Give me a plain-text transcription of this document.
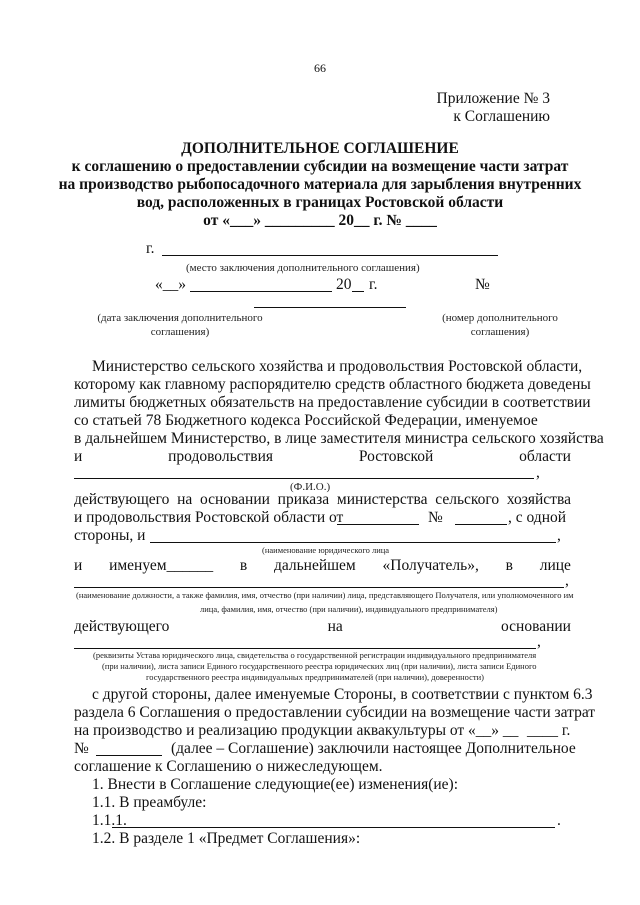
66
Приложение № 3
к Соглашению
ДОПОЛНИТЕЛЬНОЕ СОГЛАШЕНИЕ
к соглашению о предоставлении субсидии на возмещение части затрат
на производство рыбопосадочного материала для зарыбления внутренних
вод, расположенных в границах Ростовской области
от «___» _________ 20__ г. № ____
г.
(место заключения дополнительного соглашения)
«__»	20 г.	№
(дата заключения дополнительного
соглашения)
(номер дополнительного
соглашения)
Министерство сельского хозяйства и продовольствия Ростовской области,
которому как главному распорядителю средств областного бюджета доведены
лимиты бюджетных обязательств на предоставление субсидии в соответствии
со статьей 78 Бюджетного кодекса Российской Федерации, именуемое
в дальнейшем Министерство, в лице заместителя министра сельского хозяйства
и	продовольствия	Ростовской	области
,
(Ф.И.О.)
действующего на основании приказа министерства сельского хозяйства
и продовольствия Ростовской области от	№	, с одной
стороны, и	,
(наименование юридического лица
и именуем______ в дальнейшем «Получатель», в лице
,
(наименование должности, а также фамилия, имя, отчество (при наличии) лица, представляющего Получателя, или уполномоченного им
лица, фамилия, имя, отчество (при наличии), индивидуального предпринимателя)
действующего	на	основании
,
(реквизиты Устава юридического лица, свидетельства о государственной регистрации индивидуального предпринимателя
(при наличии), листа записи Единого государственного реестра юридических лиц (при наличии), листа записи Единого
государственного реестра индивидуальных предпринимателей (при наличии), доверенности)
с другой стороны, далее именуемые Стороны, в соответствии с пунктом 6.3
раздела 6 Соглашения о предоставлении субсидии на возмещение части затрат
на производство и реализацию продукции аквакультуры от «__» __ ____ г.
№	(далее – Соглашение) заключили настоящее Дополнительное
соглашение к Соглашению о нижеследующем.
1. Внести в Соглашение следующие(ее) изменения(ие):
1.1. В преамбуле:
1.1.1.	.
1.2. В разделе 1 «Предмет Соглашения»:
